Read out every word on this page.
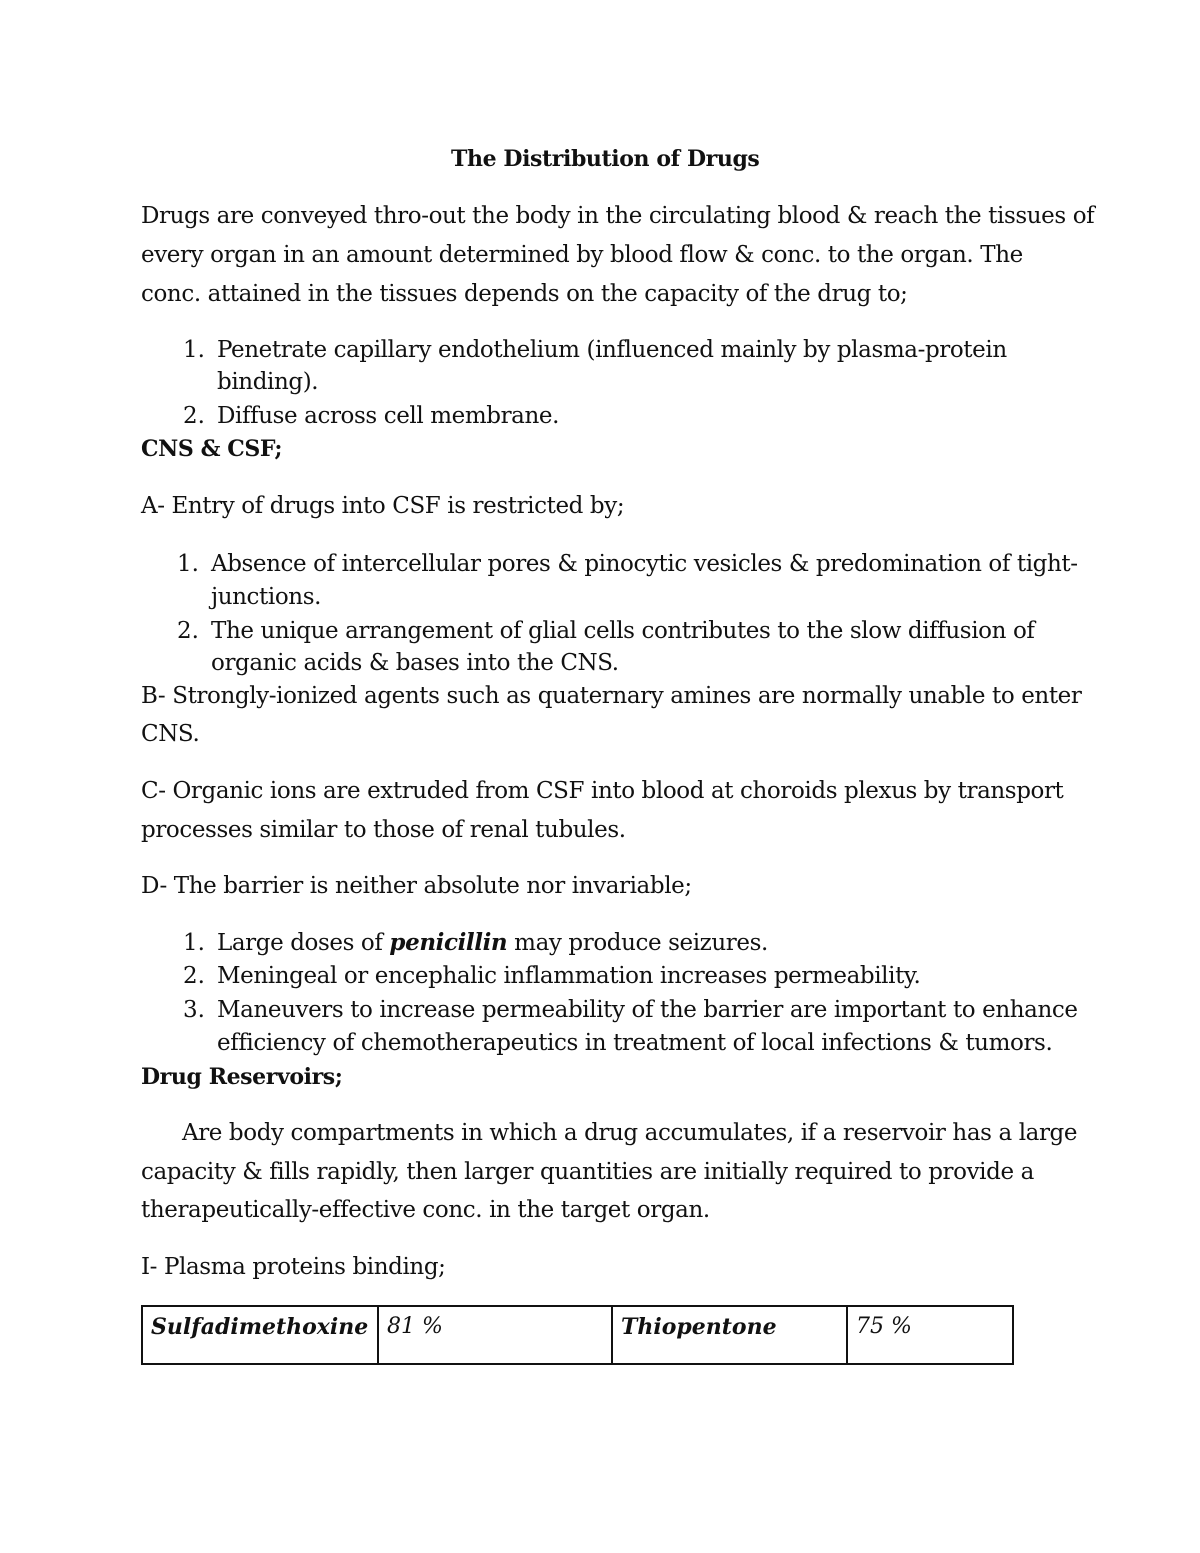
The Distribution of Drugs
Drugs are conveyed thro-out the body in the circulating blood & reach the tissues of
every organ in an amount determined by blood flow & conc. to the organ. The
conc. attained in the tissues depends on the capacity of the drug to;
1. Penetrate capillary endothelium (influenced mainly by plasma-protein
binding).
2. Diffuse across cell membrane.
CNS & CSF;
A- Entry of drugs into CSF is restricted by;
1. Absence of intercellular pores & pinocytic vesicles & predomination of tight-
junctions.
2. The unique arrangement of glial cells contributes to the slow diffusion of
organic acids & bases into the CNS.
B- Strongly-ionized agents such as quaternary amines are normally unable to enter
CNS.
C- Organic ions are extruded from CSF into blood at choroids plexus by transport
processes similar to those of renal tubules.
D- The barrier is neither absolute nor invariable;
1. Large doses of penicillin may produce seizures.
2. Meningeal or encephalic inflammation increases permeability.
3. Maneuvers to increase permeability of the barrier are important to enhance
efficiency of chemotherapeutics in treatment of local infections & tumors.
Drug Reservoirs;
Are body compartments in which a drug accumulates, if a reservoir has a large
capacity & fills rapidly, then larger quantities are initially required to provide a
therapeutically-effective conc. in the target organ.
I- Plasma proteins binding;
Sulfadimethoxine	81 %	Thiopentone	75 %
